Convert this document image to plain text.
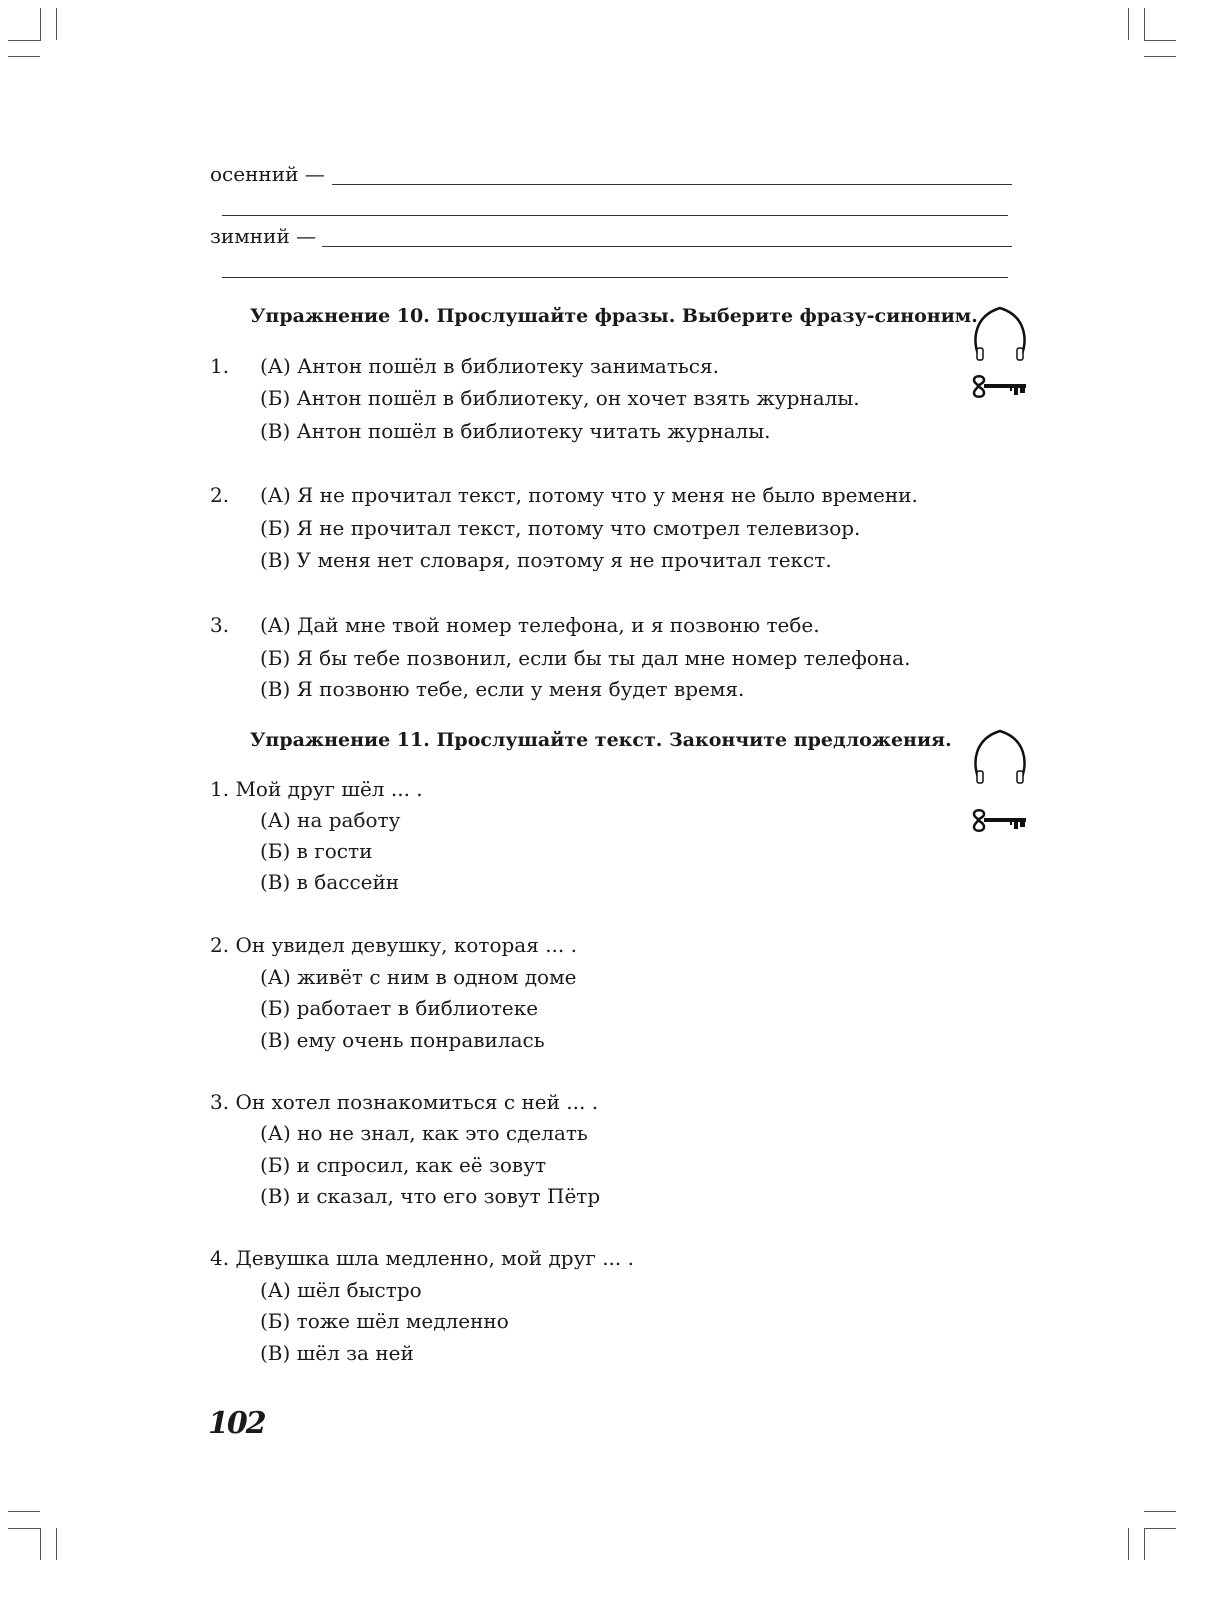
осенний —
зимний —
Упражнение 10. Прослушайте фразы. Выберите фразу-синоним.
1. (А) Антон пошёл в библиотеку заниматься.
(Б) Антон пошёл в библиотеку, он хочет взять журналы.
(В) Антон пошёл в библиотеку читать журналы.
2. (А) Я не прочитал текст, потому что у меня не было времени.
(Б) Я не прочитал текст, потому что смотрел телевизор.
(В) У меня нет словаря, поэтому я не прочитал текст.
3. (А) Дай мне твой номер телефона, и я позвоню тебе.
(Б) Я бы тебе позвонил, если бы ты дал мне номер телефона.
(В) Я позвоню тебе, если у меня будет время.
Упражнение 11. Прослушайте текст. Закончите предложения.
1. Мой друг шёл ... .
(А) на работу
(Б) в гости
(В) в бассейн
2. Он увидел девушку, которая ... .
(А) живёт с ним в одном доме
(Б) работает в библиотеке
(В) ему очень понравилась
3. Он хотел познакомиться с ней ... .
(А) но не знал, как это сделать
(Б) и спросил, как её зовут
(В) и сказал, что его зовут Пётр
4. Девушка шла медленно, мой друг ... .
(А) шёл быстро
(Б) тоже шёл медленно
(В) шёл за ней
102
